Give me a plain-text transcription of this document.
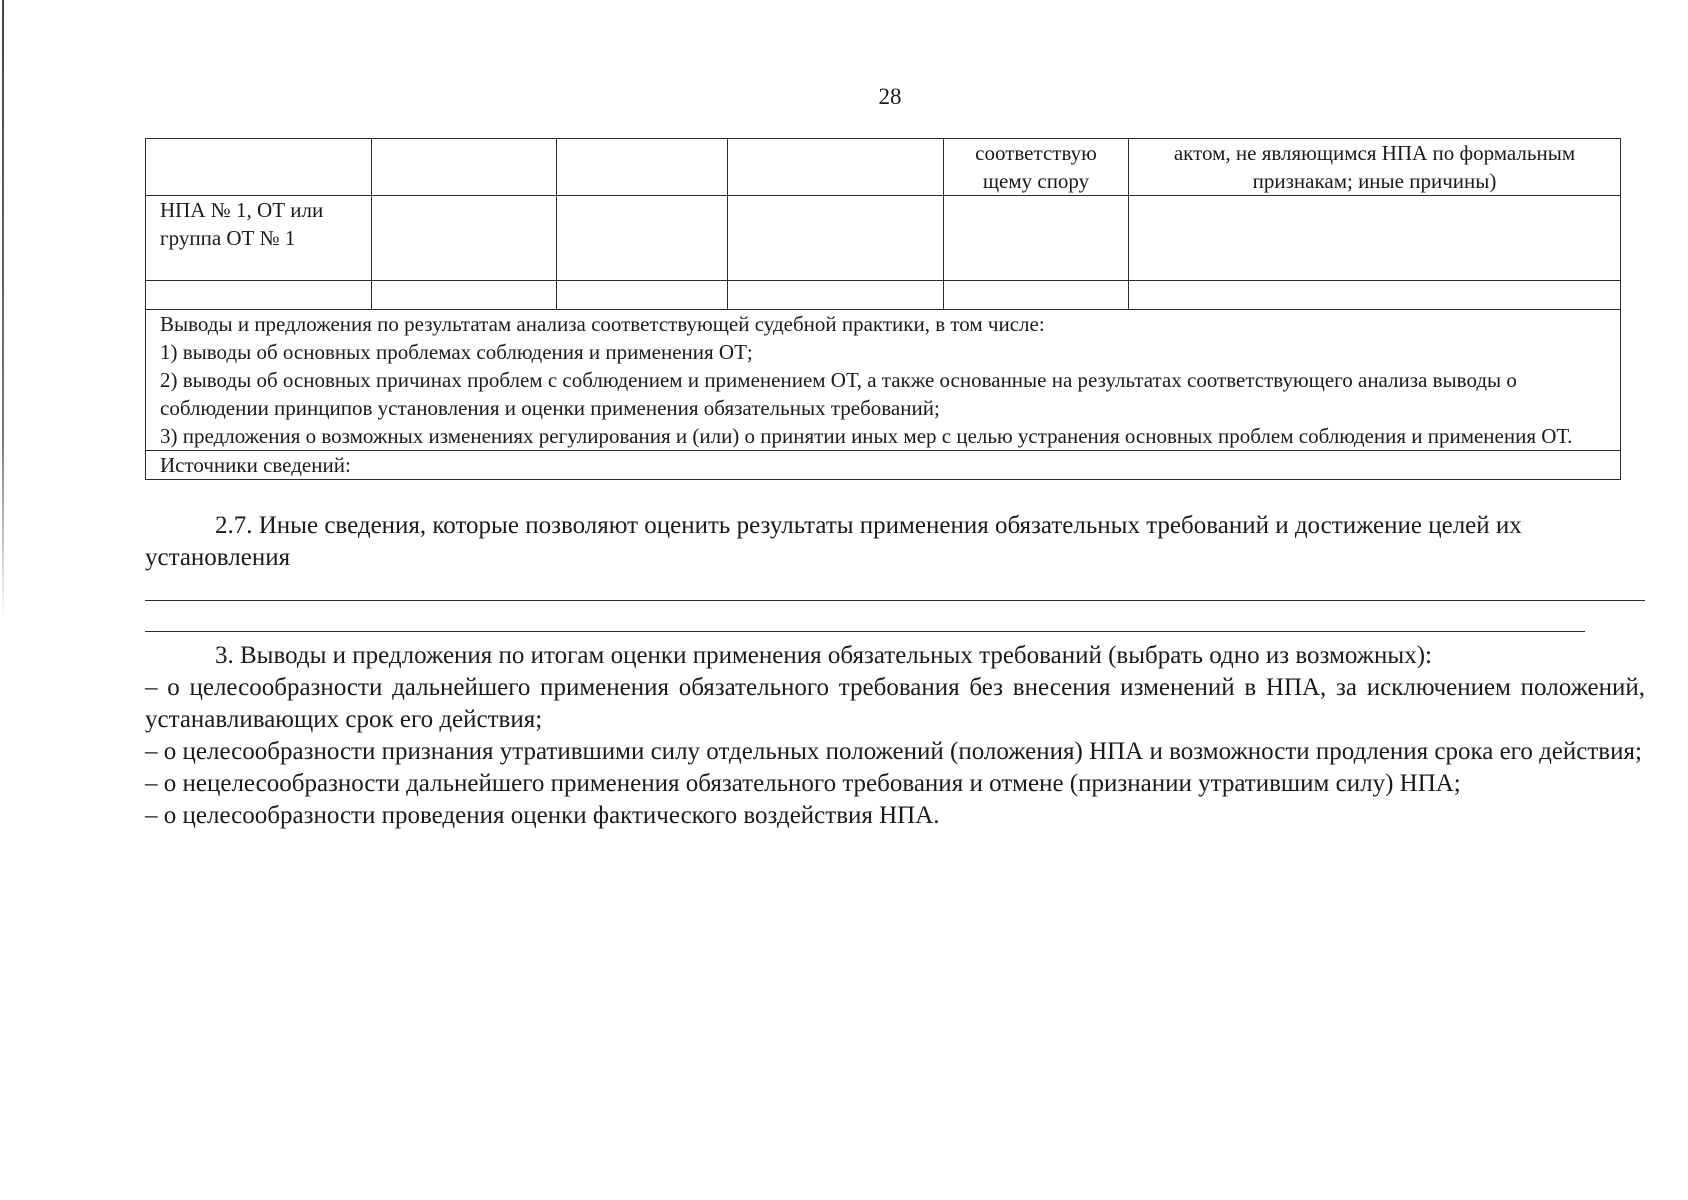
28
				соответствую щему спору	актом, не являющимся НПА по формальным признакам; иные причины)
НПА № 1, ОТ или группа ОТ № 1					

Выводы и предложения по результатам анализа соответствующей судебной практики, в том числе:
1) выводы об основных проблемах соблюдения и применения ОТ;
2) выводы об основных причинах проблем с соблюдением и применением ОТ, а также основанные на результатах соответствующего анализа выводы о соблюдении принципов установления и оценки применения обязательных требований;
3) предложения о возможных изменениях регулирования и (или) о принятии иных мер с целью устранения основных проблем соблюдения и применения ОТ.					

Источники сведений:					

2.7. Иные сведения, которые позволяют оценить результаты применения обязательных требований и достижение целей их установления

3. Выводы и предложения по итогам оценки применения обязательных требований (выбрать одно из возможных):

– о целесообразности дальнейшего применения обязательного требования без внесения изменений в НПА, за исключением положений, устанавливающих срок его действия;

– о целесообразности признания утратившими силу отдельных положений (положения) НПА и возможности продления срока его действия;

– о нецелесообразности дальнейшего применения обязательного требования и отмене (признании утратившим силу) НПА;

– о целесообразности проведения оценки фактического воздействия НПА.
